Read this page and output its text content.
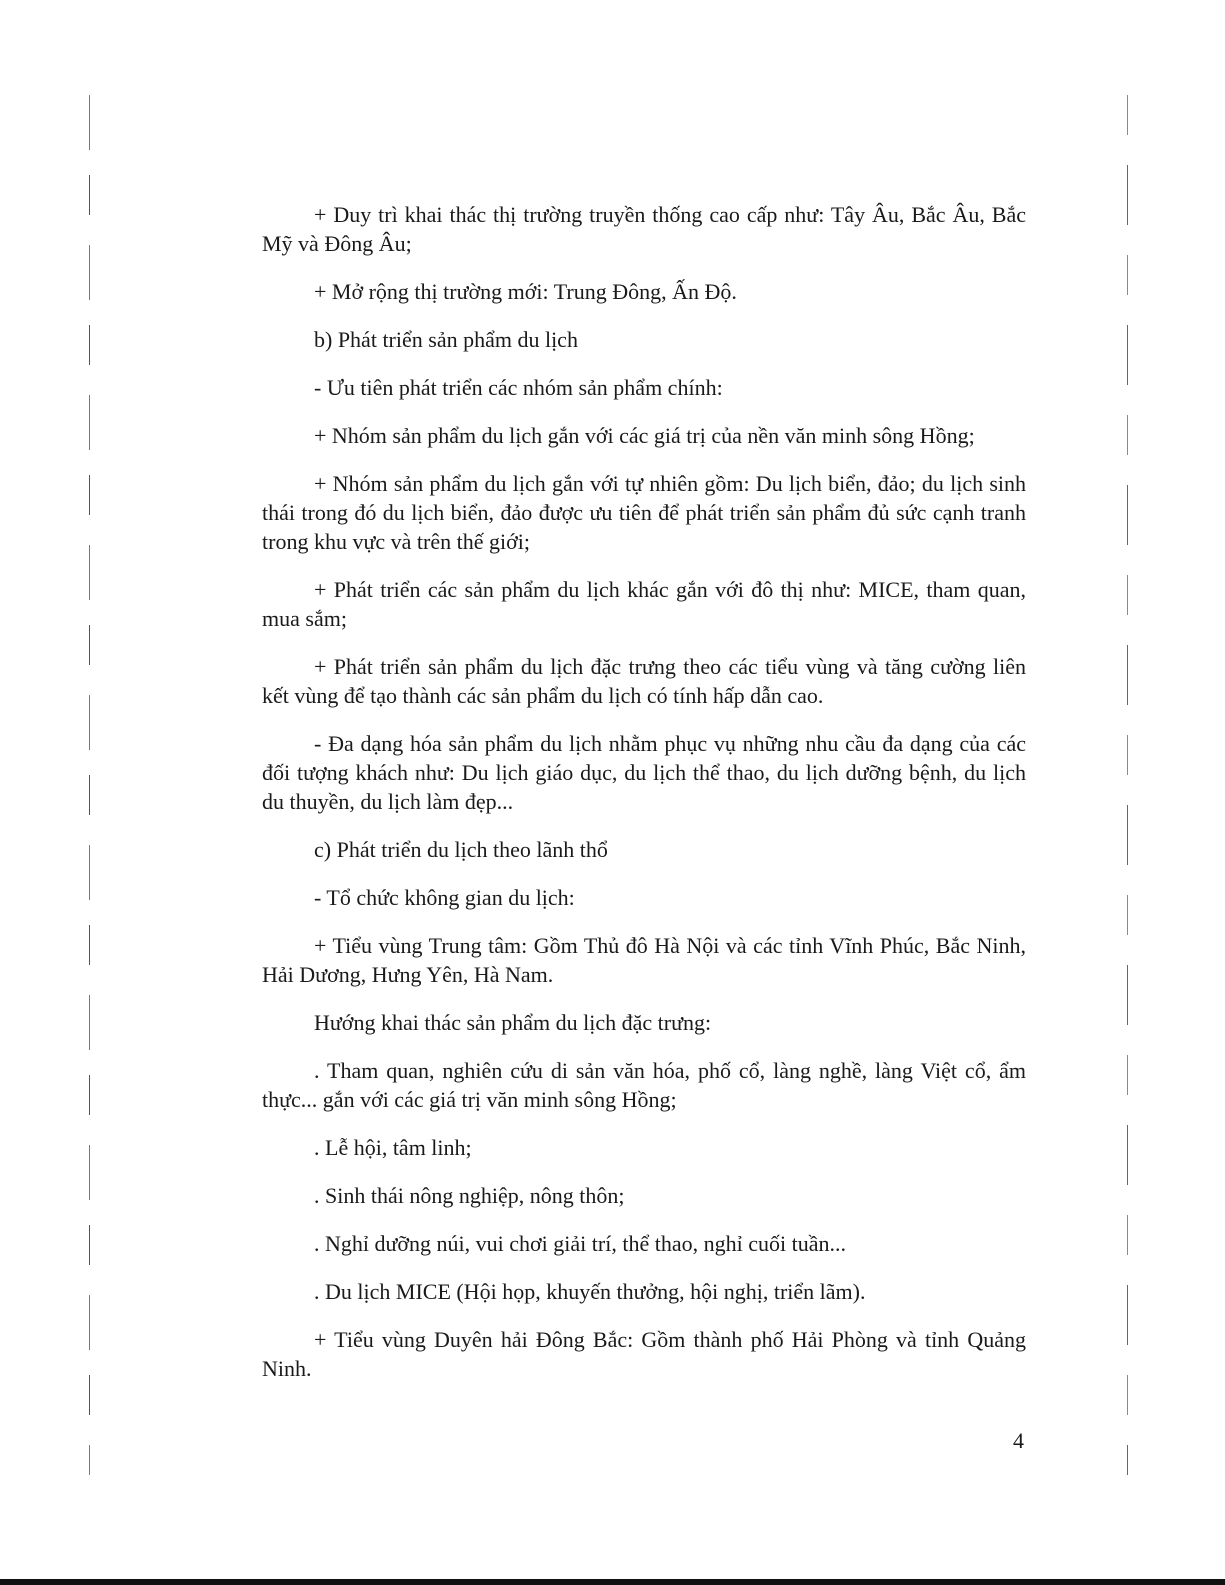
+ Duy trì khai thác thị trường truyền thống cao cấp như: Tây Âu, Bắc Âu, Bắc Mỹ và Đông Âu;

+ Mở rộng thị trường mới: Trung Đông, Ấn Độ.

b) Phát triển sản phẩm du lịch

- Ưu tiên phát triển các nhóm sản phẩm chính:

+ Nhóm sản phẩm du lịch gắn với các giá trị của nền văn minh sông Hồng;

+ Nhóm sản phẩm du lịch gắn với tự nhiên gồm: Du lịch biển, đảo; du lịch sinh thái trong đó du lịch biển, đảo được ưu tiên để phát triển sản phẩm đủ sức cạnh tranh trong khu vực và trên thế giới;

+ Phát triển các sản phẩm du lịch khác gắn với đô thị như: MICE, tham quan, mua sắm;

+ Phát triển sản phẩm du lịch đặc trưng theo các tiểu vùng và tăng cường liên kết vùng để tạo thành các sản phẩm du lịch có tính hấp dẫn cao.

- Đa dạng hóa sản phẩm du lịch nhằm phục vụ những nhu cầu đa dạng của các đối tượng khách như: Du lịch giáo dục, du lịch thể thao, du lịch dưỡng bệnh, du lịch du thuyền, du lịch làm đẹp...

c) Phát triển du lịch theo lãnh thổ

- Tổ chức không gian du lịch:

+ Tiểu vùng Trung tâm: Gồm Thủ đô Hà Nội và các tỉnh Vĩnh Phúc, Bắc Ninh, Hải Dương, Hưng Yên, Hà Nam.

Hướng khai thác sản phẩm du lịch đặc trưng:

. Tham quan, nghiên cứu di sản văn hóa, phố cổ, làng nghề, làng Việt cổ, ẩm thực... gắn với các giá trị văn minh sông Hồng;

. Lễ hội, tâm linh;

. Sinh thái nông nghiệp, nông thôn;

. Nghỉ dưỡng núi, vui chơi giải trí, thể thao, nghỉ cuối tuần...

. Du lịch MICE (Hội họp, khuyến thưởng, hội nghị, triển lãm).

+ Tiểu vùng Duyên hải Đông Bắc: Gồm thành phố Hải Phòng và tỉnh Quảng Ninh.

4
